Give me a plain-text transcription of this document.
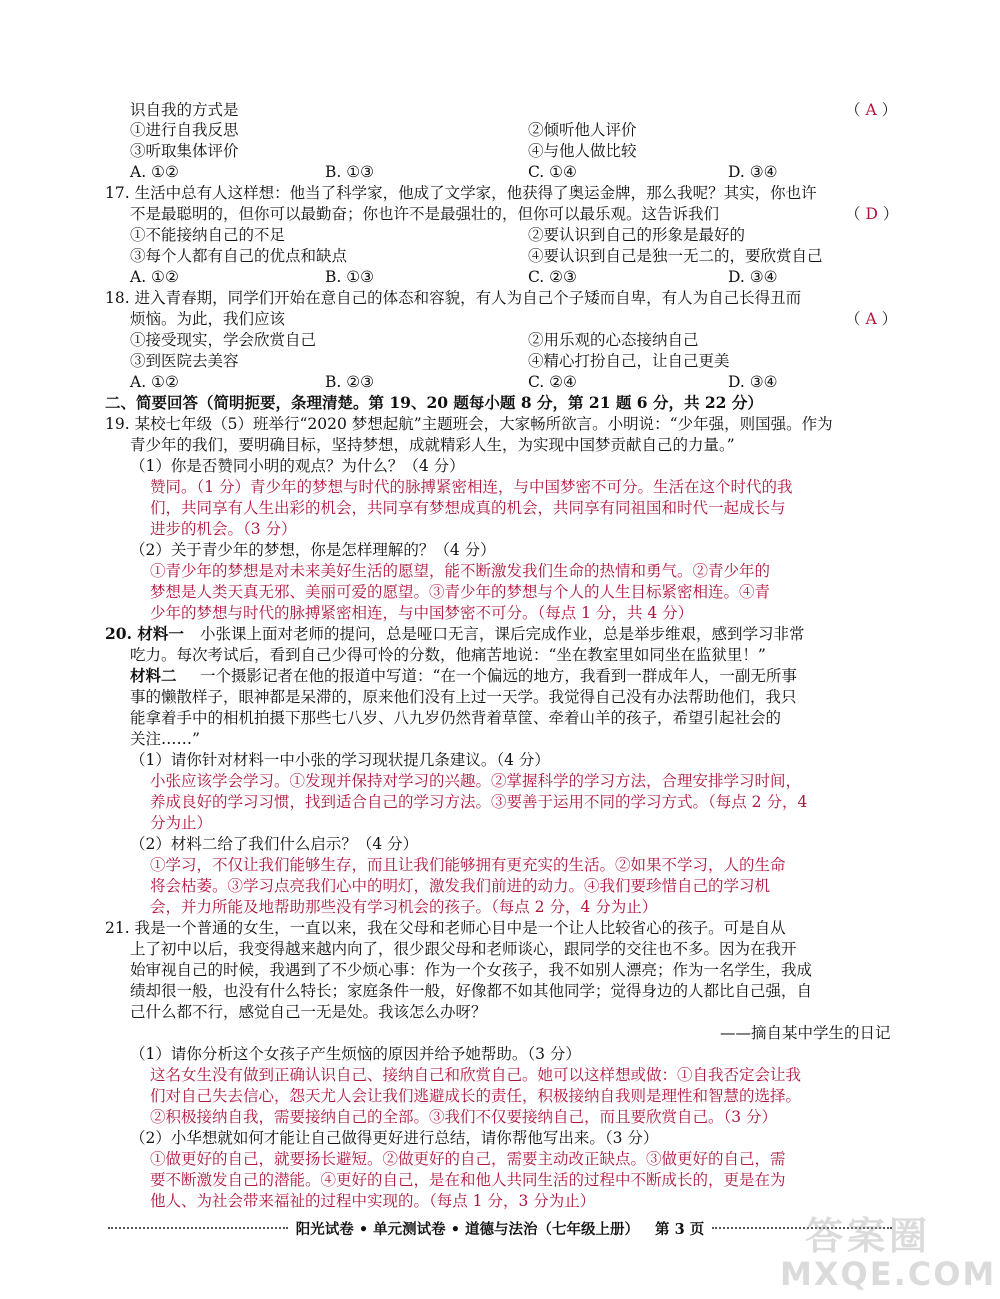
识自我的方式是	（ A ）
①进行自我反思	②倾听他人评价
③听取集体评价	④与他人做比较
A. ①②	B. ①③	C. ①④	D. ③④
17. 生活中总有人这样想：他当了科学家，他成了文学家，他获得了奥运金牌，那么我呢？其实，你也许
不是最聪明的，但你可以最勤奋；你也许不是最强壮的，但你可以最乐观。这告诉我们	（ D ）
①不能接纳自己的不足	②要认识到自己的形象是最好的
③每个人都有自己的优点和缺点	④要认识到自己是独一无二的，要欣赏自己
A. ①②	B. ①③	C. ②③	D. ③④
18. 进入青春期，同学们开始在意自己的体态和容貌，有人为自己个子矮而自卑，有人为自己长得丑而
烦恼。为此，我们应该	（ A ）
①接受现实，学会欣赏自己	②用乐观的心态接纳自己
③到医院去美容	④精心打扮自己，让自己更美
A. ①②	B. ②③	C. ②④	D. ③④
二、简要回答（简明扼要，条理清楚。第 19、20 题每小题 8 分，第 21 题 6 分，共 22 分）
19. 某校七年级（5）班举行“2020 梦想起航”主题班会，大家畅所欲言。小明说：“少年强，则国强。作为
青少年的我们，要明确目标，坚持梦想，成就精彩人生，为实现中国梦贡献自己的力量。”
（1）你是否赞同小明的观点？为什么？（4 分）
赞同。（1 分）青少年的梦想与时代的脉搏紧密相连，与中国梦密不可分。生活在这个时代的我
们，共同享有人生出彩的机会，共同享有梦想成真的机会，共同享有同祖国和时代一起成长与
进步的机会。（3 分）
（2）关于青少年的梦想，你是怎样理解的？（4 分）
①青少年的梦想是对未来美好生活的愿望，能不断激发我们生命的热情和勇气。②青少年的
梦想是人类天真无邪、美丽可爱的愿望。③青少年的梦想与个人的人生目标紧密相连。④青
少年的梦想与时代的脉搏紧密相连，与中国梦密不可分。（每点 1 分，共 4 分）
20. 材料一 小张课上面对老师的提问，总是哑口无言，课后完成作业，总是举步维艰，感到学习非常
吃力。每次考试后，看到自己少得可怜的分数，他痛苦地说：“坐在教室里如同坐在监狱里！”
材料二 一个摄影记者在他的报道中写道：“在一个偏远的地方，我看到一群成年人，一副无所事
事的懒散样子，眼神都是呆滞的，原来他们没有上过一天学。我觉得自己没有办法帮助他们，我只
能拿着手中的相机拍摄下那些七八岁、八九岁仍然背着草筐、牵着山羊的孩子，希望引起社会的
关注……”
（1）请你针对材料一中小张的学习现状提几条建议。（4 分）
小张应该学会学习。①发现并保持对学习的兴趣。②掌握科学的学习方法，合理安排学习时间，
养成良好的学习习惯，找到适合自己的学习方法。③要善于运用不同的学习方式。（每点 2 分，4
分为止）
（2）材料二给了我们什么启示？（4 分）
①学习，不仅让我们能够生存，而且让我们能够拥有更充实的生活。②如果不学习，人的生命
将会枯萎。③学习点亮我们心中的明灯，激发我们前进的动力。④我们要珍惜自己的学习机
会，并力所能及地帮助那些没有学习机会的孩子。（每点 2 分，4 分为止）
21. 我是一个普通的女生，一直以来，我在父母和老师心目中是一个让人比较省心的孩子。可是自从
上了初中以后，我变得越来越内向了，很少跟父母和老师谈心，跟同学的交往也不多。因为在我开
始审视自己的时候，我遇到了不少烦心事：作为一个女孩子，我不如别人漂亮；作为一名学生，我成
绩却很一般，也没有什么特长；家庭条件一般，好像都不如其他同学；觉得身边的人都比自己强，自
己什么都不行，感觉自己一无是处。我该怎么办呀？
——摘自某中学生的日记
（1）请你分析这个女孩子产生烦恼的原因并给予她帮助。（3 分）
这名女生没有做到正确认识自己、接纳自己和欣赏自己。她可以这样想或做：①自我否定会让我
们对自己失去信心，怨天尤人会让我们逃避成长的责任，积极接纳自我则是理性和智慧的选择。
②积极接纳自我，需要接纳自己的全部。③我们不仅要接纳自己，而且要欣赏自己。（3 分）
（2）小华想就如何才能让自己做得更好进行总结，请你帮他写出来。（3 分）
①做更好的自己，就要扬长避短。②做更好的自己，需要主动改正缺点。③做更好的自己，需
要不断激发自己的潜能。④更好的自己，是在和他人共同生活的过程中不断成长的，更是在为
他人、为社会带来福祉的过程中实现的。（每点 1 分，3 分为止）
阳光试卷 • 单元测试卷 • 道德与法治（七年级上册） 第 3 页	答案圈
MXQE.COM
